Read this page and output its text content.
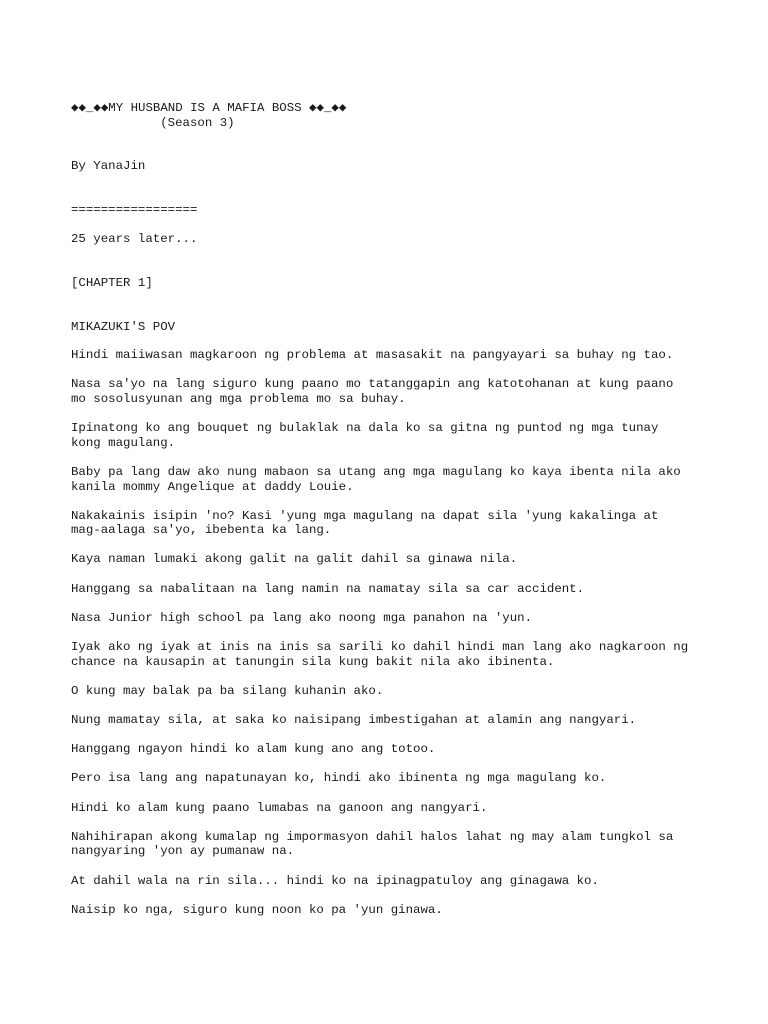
◆◆_◆◆MY HUSBAND IS A MAFIA BOSS ◆◆_◆◆
(Season 3)
By YanaJin
=================
25 years later...
[CHAPTER 1]
MIKAZUKI'S POV
Hindi maiiwasan magkaroon ng problema at masasakit na pangyayari sa buhay ng tao.
Nasa sa'yo na lang siguro kung paano mo tatanggapin ang katotohanan at kung paano
mo sosolusyunan ang mga problema mo sa buhay.
Ipinatong ko ang bouquet ng bulaklak na dala ko sa gitna ng puntod ng mga tunay
kong magulang.
Baby pa lang daw ako nung mabaon sa utang ang mga magulang ko kaya ibenta nila ako
kanila mommy Angelique at daddy Louie.
Nakakainis isipin 'no? Kasi 'yung mga magulang na dapat sila 'yung kakalinga at
mag-aalaga sa'yo, ibebenta ka lang.
Kaya naman lumaki akong galit na galit dahil sa ginawa nila.
Hanggang sa nabalitaan na lang namin na namatay sila sa car accident.
Nasa Junior high school pa lang ako noong mga panahon na 'yun.
Iyak ako ng iyak at inis na inis sa sarili ko dahil hindi man lang ako nagkaroon ng
chance na kausapin at tanungin sila kung bakit nila ako ibinenta.
O kung may balak pa ba silang kuhanin ako.
Nung mamatay sila, at saka ko naisipang imbestigahan at alamin ang nangyari.
Hanggang ngayon hindi ko alam kung ano ang totoo.
Pero isa lang ang napatunayan ko, hindi ako ibinenta ng mga magulang ko.
Hindi ko alam kung paano lumabas na ganoon ang nangyari.
Nahihirapan akong kumalap ng impormasyon dahil halos lahat ng may alam tungkol sa
nangyaring 'yon ay pumanaw na.
At dahil wala na rin sila... hindi ko na ipinagpatuloy ang ginagawa ko.
Naisip ko nga, siguro kung noon ko pa 'yun ginawa.
